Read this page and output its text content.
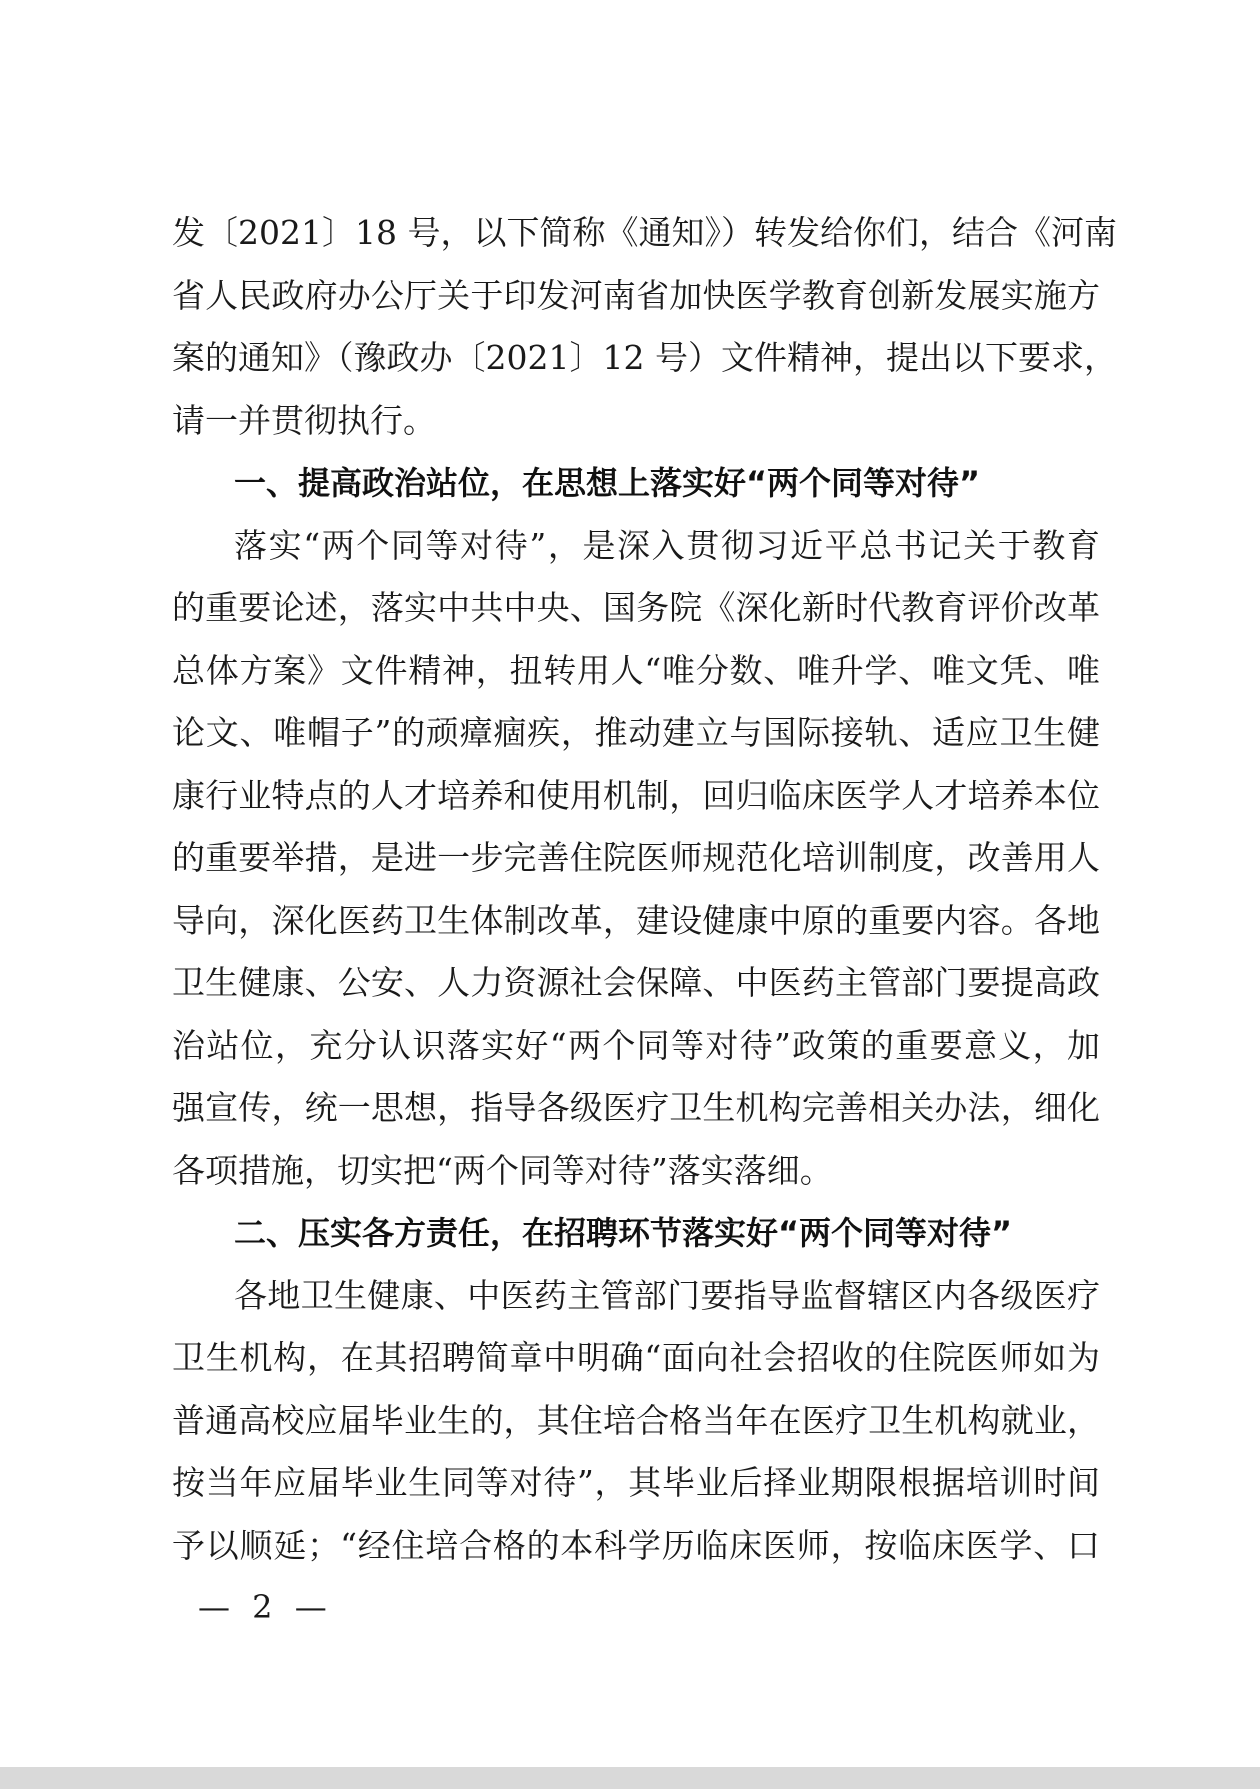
发〔2021〕18 号，以下简称《通知》）转发给你们，结合《河南
省人民政府办公厅关于印发河南省加快医学教育创新发展实施方
案的通知》（豫政办〔2021〕12 号）文件精神，提出以下要求，
请一并贯彻执行。
一、提高政治站位，在思想上落实好“两个同等对待”
落实“两个同等对待”，是深入贯彻习近平总书记关于教育
的重要论述，落实中共中央、国务院《深化新时代教育评价改革
总体方案》文件精神，扭转用人“唯分数、唯升学、唯文凭、唯
论文、唯帽子”的顽瘴痼疾，推动建立与国际接轨、适应卫生健
康行业特点的人才培养和使用机制，回归临床医学人才培养本位
的重要举措，是进一步完善住院医师规范化培训制度，改善用人
导向，深化医药卫生体制改革，建设健康中原的重要内容。各地
卫生健康、公安、人力资源社会保障、中医药主管部门要提高政
治站位，充分认识落实好“两个同等对待”政策的重要意义，加
强宣传，统一思想，指导各级医疗卫生机构完善相关办法，细化
各项措施，切实把“两个同等对待”落实落细。
二、压实各方责任，在招聘环节落实好“两个同等对待”
各地卫生健康、中医药主管部门要指导监督辖区内各级医疗
卫生机构，在其招聘简章中明确“面向社会招收的住院医师如为
普通高校应届毕业生的，其住培合格当年在医疗卫生机构就业，
按当年应届毕业生同等对待”，其毕业后择业期限根据培训时间
予以顺延；“经住培合格的本科学历临床医师，按临床医学、口
— 2 —
